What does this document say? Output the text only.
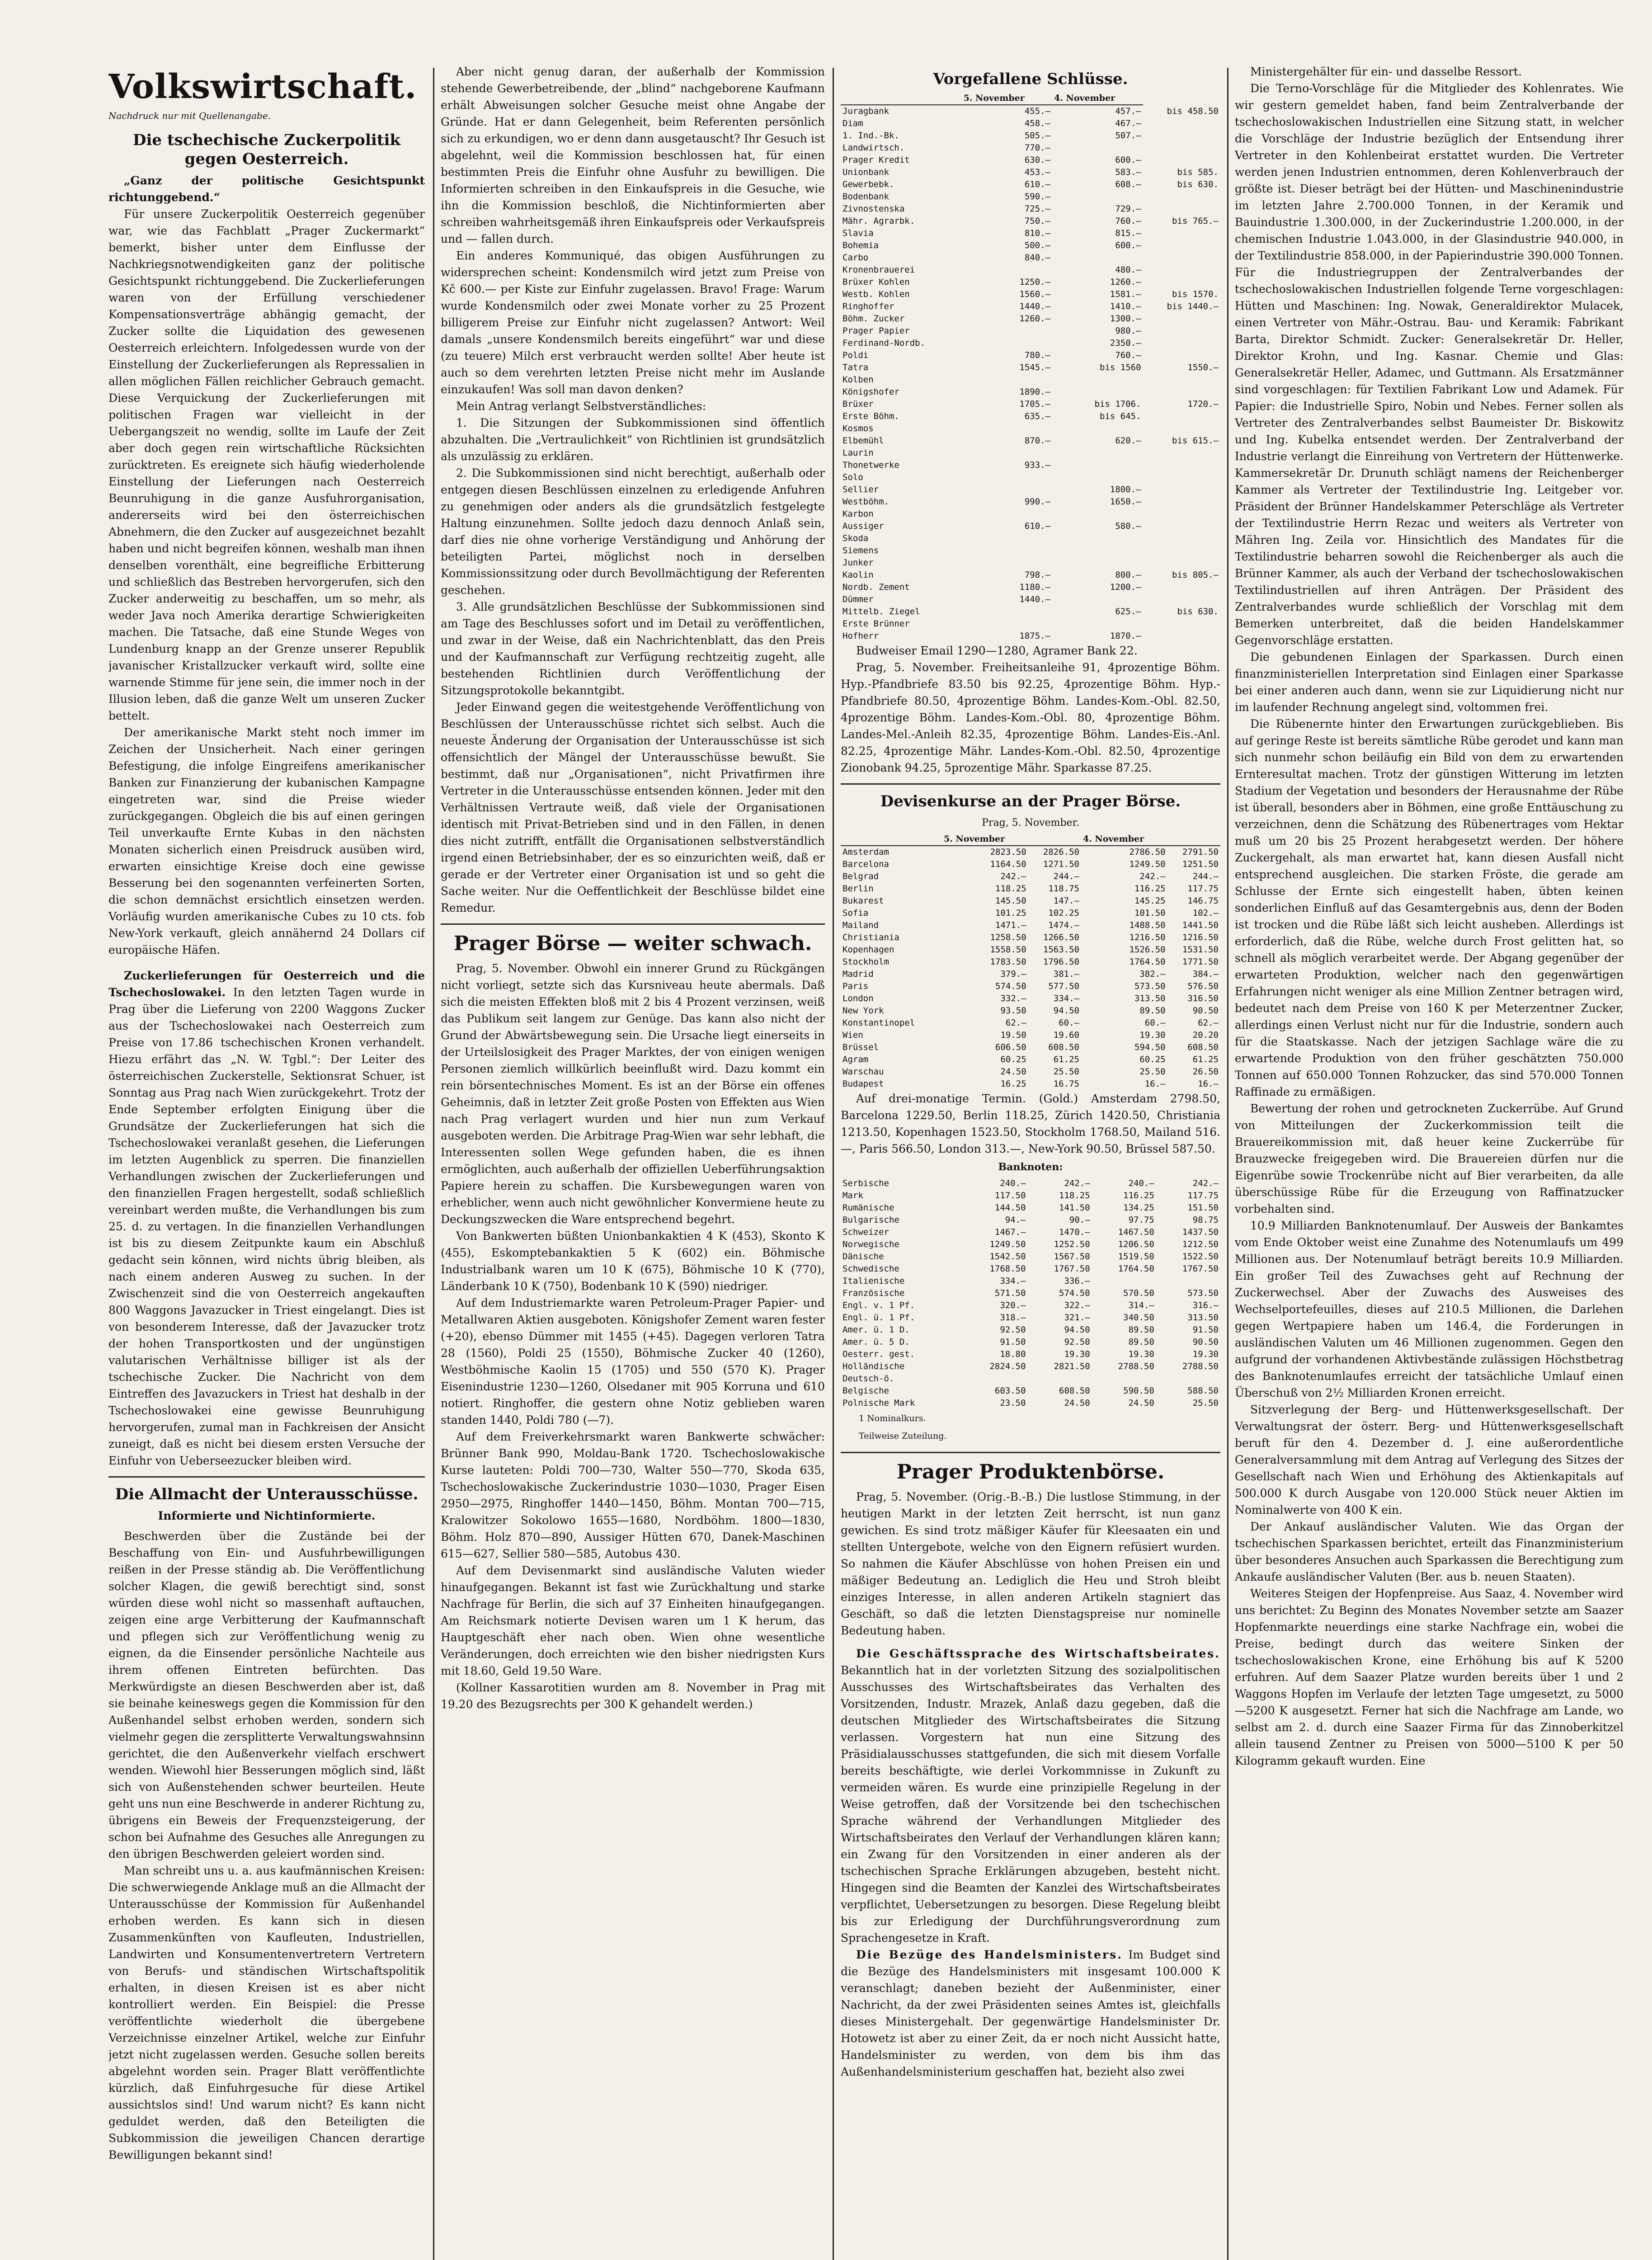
Volkswirtschaft.
Nachdruck nur mit Quellenangabe.
Die tschechische Zuckerpolitik gegen Oesterreich.

„Ganz der politische Gesichtspunkt richtunggebend.“

Für unsere Zuckerpolitik Oesterreich gegenüber war, wie das Fachblatt „Prager Zuckermarkt“ bemerkt, bisher unter dem Einflusse der Nachkriegsnotwendigkeiten ganz der politische Gesichtspunkt richtunggebend. Die Zuckerlieferungen waren von der Erfüllung verschiedener Kompensationsverträge abhängig gemacht, der Zucker sollte die Liquidation des gewesenen Oesterreich erleichtern. Infolgedessen wurde von der Einstellung der Zuckerlieferungen als Repressalien in allen möglichen Fällen reichlicher Gebrauch gemacht. Diese Verquickung der Zuckerlieferungen mit politischen Fragen war vielleicht in der Uebergangszeit no wendig, sollte im Laufe der Zeit aber doch gegen rein wirtschaftliche Rücksichten zurücktreten. Es ereignete sich häufig wiederholende Einstellung der Lieferungen nach Oesterreich Beunruhigung in die ganze Ausfuhrorganisation, andererseits wird bei den österreichischen Abnehmern, die den Zucker auf ausgezeichnet bezahlt haben und nicht begreifen können, weshalb man ihnen denselben vorenthält, eine begreifliche Erbitterung und schließlich das Bestreben hervorgerufen, sich den Zucker anderweitig zu beschaffen, um so mehr, als weder Java noch Amerika derartige Schwierigkeiten machen. Die Tatsache, daß eine Stunde Weges von Lundenburg knapp an der Grenze unserer Republik javanischer Kristallzucker verkauft wird, sollte eine warnende Stimme für jene sein, die immer noch in der Illusion leben, daß die ganze Welt um unseren Zucker bettelt.

Der amerikanische Markt steht noch immer im Zeichen der Unsicherheit. Nach einer geringen Befestigung, die infolge Eingreifens amerikanischer Banken zur Finanzierung der kubanischen Kampagne eingetreten war, sind die Preise wieder zurückgegangen. Obgleich die bis auf einen geringen Teil unverkaufte Ernte Kubas in den nächsten Monaten sicherlich einen Preisdruck ausüben wird, erwarten einsichtige Kreise doch eine gewisse Besserung bei den sogenannten verfeinerten Sorten, die schon demnächst ersichtlich einsetzen werden. Vorläufig wurden amerikanische Cubes zu 10 cts. fob New-York verkauft, gleich annähernd 24 Dollars cif europäische Häfen.

Zuckerlieferungen für Oesterreich und die Tschechoslowakei. In den letzten Tagen wurde in Prag über die Lieferung von 2200 Waggons Zucker aus der Tschechoslowakei nach Oesterreich zum Preise von 17.86 tschechischen Kronen verhandelt. Hiezu erfährt das „N. W. Tgbl.“: Der Leiter des österreichischen Zuckerstelle, Sektionsrat Schuer, ist Sonntag aus Prag nach Wien zurückgekehrt. Trotz der Ende September erfolgten Einigung über die Grundsätze der Zuckerlieferungen hat sich die Tschechoslowakei veranlaßt gesehen, die Lieferungen im letzten Augenblick zu sperren. Die finanziellen Verhandlungen zwischen der Zuckerlieferungen und den finanziellen Fragen hergestellt, sodaß schließlich vereinbart werden mußte, die Verhandlungen bis zum 25. d. zu vertagen. In die finanziellen Verhandlungen ist bis zu diesem Zeitpunkte kaum ein Abschluß gedacht sein können, wird nichts übrig bleiben, als nach einem anderen Ausweg zu suchen. In der Zwischenzeit sind die von Oesterreich angekauften 800 Waggons Javazucker in Triest eingelangt. Dies ist von besonderem Interesse, daß der Javazucker trotz der hohen Transportkosten und der ungünstigen valutarischen Verhältnisse billiger ist als der tschechische Zucker. Die Nachricht von dem Eintreffen des Javazuckers in Triest hat deshalb in der Tschechoslowakei eine gewisse Beunruhigung hervorgerufen, zumal man in Fachkreisen der Ansicht zuneigt, daß es nicht bei diesem ersten Versuche der Einfuhr von Ueberseezucker bleiben wird.

Die Allmacht der Unterausschüsse.
Informierte und Nichtinformierte.

Beschwerden über die Zustände bei der Beschaffung von Ein- und Ausfuhrbewilligungen reißen in der Presse ständig ab. Die Veröffentlichung solcher Klagen, die gewiß berechtigt sind, sonst würden diese wohl nicht so massenhaft auftauchen, zeigen eine arge Verbitterung der Kaufmannschaft und pflegen sich zur Veröffentlichung wenig zu eignen, da die Einsender persönliche Nachteile aus ihrem offenen Eintreten befürchten. Das Merkwürdigste an diesen Beschwerden aber ist, daß sie beinahe keineswegs gegen die Kommission für den Außenhandel selbst erhoben werden, sondern sich vielmehr gegen die zersplitterte Verwaltungswahnsinn gerichtet, die den Außenverkehr vielfach erschwert wenden. Wiewohl hier Besserungen möglich sind, läßt sich von Außenstehenden schwer beurteilen. Heute geht uns nun eine Beschwerde in anderer Richtung zu, übrigens ein Beweis der Frequenzsteigerung, der schon bei Aufnahme des Gesuches alle Anregungen zu den übrigen Beschwerden geleiert worden sind.

Man schreibt uns u. a. aus kaufmännischen Kreisen: Die schwerwiegende Anklage muß an die Allmacht der Unterausschüsse der Kommission für Außenhandel erhoben werden. Es kann sich in diesen Zusammenkünften von Kaufleuten, Industriellen, Landwirten und Konsumentenvertretern Vertretern von Berufs- und ständischen Wirtschaftspolitik erhalten, in diesen Kreisen ist es aber nicht kontrolliert werden. Ein Beispiel: die Presse veröffentlichte wiederholt die übergebene Verzeichnisse einzelner Artikel, welche zur Einfuhr jetzt nicht zugelassen werden. Gesuche sollen bereits abgelehnt worden sein. Prager Blatt veröffentlichte kürzlich, daß Einfuhrgesuche für diese Artikel aussichtslos sind! Und warum nicht? Es kann nicht geduldet werden, daß den Beteiligten die Subkommission die jeweiligen Chancen derartige Bewilligungen bekannt sind!

Aber nicht genug daran, der außerhalb der Kommission stehende Gewerbetreibende, der „blind“ nachgeborene Kaufmann erhält Abweisungen solcher Gesuche meist ohne Angabe der Gründe. Hat er dann Gelegenheit, beim Referenten persönlich sich zu erkundigen, wo er denn dann ausgetauscht? Ihr Gesuch ist abgelehnt, weil die Kommission beschlossen hat, für einen bestimmten Preis die Einfuhr ohne Ausfuhr zu bewilligen. Die Informierten schreiben in den Einkaufspreis in die Gesuche, wie ihn die Kommission beschloß, die Nichtinformierten aber schreiben wahrheitsgemäß ihren Einkaufspreis oder Verkaufspreis und — fallen durch.

Ein anderes Kommuniqué, das obigen Ausführungen zu widersprechen scheint: Kondensmilch wird jetzt zum Preise von Kč 600.— per Kiste zur Einfuhr zugelassen. Bravo! Frage: Warum wurde Kondensmilch oder zwei Monate vorher zu 25 Prozent billigerem Preise zur Einfuhr nicht zugelassen? Antwort: Weil damals „unsere Kondensmilch bereits eingeführt“ war und diese (zu teuere) Milch erst verbraucht werden sollte! Aber heute ist auch so dem verehrten letzten Preise nicht mehr im Auslande einzukaufen! Was soll man davon denken?

Mein Antrag verlangt Selbstverständliches:

1. Die Sitzungen der Subkommissionen sind öffentlich abzuhalten. Die „Vertraulichkeit“ von Richtlinien ist grundsätzlich als unzulässig zu erklären.

2. Die Subkommissionen sind nicht berechtigt, außerhalb oder entgegen diesen Beschlüssen einzelnen zu erledigende Anfuhren zu genehmigen oder anders als die grundsätzlich festgelegte Haltung einzunehmen. Sollte jedoch dazu dennoch Anlaß sein, darf dies nie ohne vorherige Verständigung und Anhörung der beteiligten Partei, möglichst noch in derselben Kommissionssitzung oder durch Bevollmächtigung der Referenten geschehen.

3. Alle grundsätzlichen Beschlüsse der Subkommissionen sind am Tage des Beschlusses sofort und im Detail zu veröffentlichen, und zwar in der Weise, daß ein Nachrichtenblatt, das den Preis und der Kaufmannschaft zur Verfügung rechtzeitig zugeht, alle bestehenden Richtlinien durch Veröffentlichung der Sitzungsprotokolle bekanntgibt.

Jeder Einwand gegen die weitestgehende Veröffentlichung von Beschlüssen der Unterausschüsse richtet sich selbst. Auch die neueste Änderung der Organisation der Unterausschüsse ist sich offensichtlich der Mängel der Unterausschüsse bewußt. Sie bestimmt, daß nur „Organisationen“, nicht Privatfirmen ihre Vertreter in die Unterausschüsse entsenden können. Jeder mit den Verhältnissen Vertraute weiß, daß viele der Organisationen identisch mit Privat-Betrieben sind und in den Fällen, in denen dies nicht zutrifft, entfällt die Organisationen selbstverständlich irgend einen Betriebsinhaber, der es so einzurichten weiß, daß er gerade er der Vertreter einer Organisation ist und so geht die Sache weiter. Nur die Oeffentlichkeit der Beschlüsse bildet eine Remedur.

Prager Börse — weiter schwach.

Prag, 5. November. Obwohl ein innerer Grund zu Rückgängen nicht vorliegt, setzte sich das Kursniveau heute abermals. Daß sich die meisten Effekten bloß mit 2 bis 4 Prozent verzinsen, weiß das Publikum seit langem zur Genüge. Das kann also nicht der Grund der Abwärtsbewegung sein. Die Ursache liegt einerseits in der Urteilslosigkeit des Prager Marktes, der von einigen wenigen Personen ziemlich willkürlich beeinflußt wird. Dazu kommt ein rein börsentechnisches Moment. Es ist an der Börse ein offenes Geheimnis, daß in letzter Zeit große Posten von Effekten aus Wien nach Prag verlagert wurden und hier nun zum Verkauf ausgeboten werden. Die Arbitrage Prag-Wien war sehr lebhaft, die Interessenten sollen Wege gefunden haben, die es ihnen ermöglichten, auch außerhalb der offiziellen Ueberführungsaktion Papiere herein zu schaffen. Die Kursbewegungen waren von erheblicher, wenn auch nicht gewöhnlicher Konvermiene heute zu Deckungszwecken die Ware entsprechend begehrt.

Von Bankwerten büßten Unionbankaktien 4 K (453), Skonto K (455), Eskomptebankaktien 5 K (602) ein. Böhmische Industrialbank waren um 10 K (675), Böhmische 10 K (770), Länderbank 10 K (750), Bodenbank 10 K (590) niedriger.

Auf dem Industriemarkte waren Petroleum-Prager Papier- und Metallwaren Aktien ausgeboten. Königshofer Zement waren fester (+20), ebenso Dümmer mit 1455 (+45). Dagegen verloren Tatra 28 (1560), Poldi 25 (1550), Böhmische Zucker 40 (1260), Westböhmische Kaolin 15 (1705) und 550 (570 K). Prager Eisenindustrie 1230—1260, Olsedaner mit 905 Korruna und 610 notiert. Ringhoffer, die gestern ohne Notiz geblieben waren standen 1440, Poldi 780 (—7).

Auf dem Freiverkehrsmarkt waren Bankwerte schwächer: Brünner Bank 990, Moldau-Bank 1720. Tschechoslowakische Kurse lauteten: Poldi 700—730, Walter 550—770, Skoda 635, Tschechoslowakische Zuckerindustrie 1030—1030, Prager Eisen 2950—2975, Ringhoffer 1440—1450, Böhm. Montan 700—715, Kralowitzer Sokolowo 1655—1680, Nordböhm. 1800—1830, Böhm. Holz 870—890, Aussiger Hütten 670, Danek-Maschinen 615—627, Sellier 580—585, Autobus 430.

Auf dem Devisenmarkt sind ausländische Valuten wieder hinaufgegangen. Bekannt ist fast wie Zurückhaltung und starke Nachfrage für Berlin, die sich auf 37 Einheiten hinaufgegangen. Am Reichsmark notierte Devisen waren um 1 K herum, das Hauptgeschäft eher nach oben. Wien ohne wesentliche Veränderungen, doch erreichten wie den bisher niedrigsten Kurs mit 18.60, Geld 19.50 Ware.

(Kollner Kassarotitien wurden am 8. November in Prag mit 19.20 des Bezugsrechts per 300 K gehandelt werden.)

Vorgefallene Schlüsse.
	5. November	4. November	
Juragbank	455.—	457.—	bis 458.50
Diam	458.—	467.—	
1. Ind.-Bk.	505.—	507.—	
Landwirtsch.	770.—		
Prager Kredit	630.—	600.—	
Unionbank	453.—	583.—	bis 585.
Gewerbebk.	610.—	608.—	bis 630.
Bodenbank	590.—		
Zivnostenska	725.—	729.—	
Mähr. Agrarbk.	750.—	760.—	bis 765.—
Slavia	810.—	815.—	
Bohemia	500.—	600.—	
Carbo	840.—		
Kronenbrauerei		480.—	
Brüxer Kohlen	1250.—	1260.—	
Westb. Kohlen	1560.—	1581.—	bis 1570.
Ringhoffer	1440.—	1410.—	bis 1440.—
Böhm. Zucker	1260.—	1300.—	
Prager Papier		980.—	
Ferdinand-Nordb.		2350.—	
Poldi	780.—	760.—	
Tatra	1545.—	bis 1560	1550.—
Kolben			
Königshofer	1890.—		
Brüxer	1705.—	bis 1706.	1720.—
Erste Böhm.	635.—	bis 645.	
Kosmos			
Elbemühl	870.—	620.—	bis 615.—
Laurin			
Thonetwerke	933.—		
Solo			
Sellier		1800.—	
Westböhm.	990.—	1650.—	
Karbon			
Aussiger	610.—	580.—	
Skoda			
Siemens			
Junker			
Kaolin	798.—	800.—	bis 805.—
Nordb. Zement	1180.—	1200.—	
Dümmer	1440.—		
Mittelb. Ziegel		625.—	bis 630.
Erste Brünner			
Hofherr	1875.—	1870.—	

Budweiser Email 1290—1280, Agramer Bank 22.

Prag, 5. November. Freiheitsanleihe 91, 4prozentige Böhm. Hyp.-Pfandbriefe 83.50 bis 92.25, 4prozentige Böhm. Hyp.-Pfandbriefe 80.50, 4prozentige Böhm. Landes-Kom.-Obl. 82.50, 4prozentige Böhm. Landes-Kom.-Obl. 80, 4prozentige Böhm. Landes-Mel.-Anleih 82.35, 4prozentige Böhm. Landes-Eis.-Anl. 82.25, 4prozentige Mähr. Landes-Kom.-Obl. 82.50, 4prozentige Zionobank 94.25, 5prozentige Mähr. Sparkasse 87.25.

Devisenkurse an der Prager Börse.
Prag, 5. November.
	5. November		4. November	
Amsterdam	2823.50	2826.50	2786.50	2791.50
Barcelona	1164.50	1271.50	1249.50	1251.50
Belgrad	242.—	244.—	242.—	244.—
Berlin	118.25	118.75	116.25	117.75
Bukarest	145.50	147.—	145.25	146.75
Sofia	101.25	102.25	101.50	102.—
Mailand	1471.—	1474.—	1488.50	1441.50
Christiania	1258.50	1266.50	1216.50	1216.50
Kopenhagen	1558.50	1563.50	1526.50	1531.50
Stockholm	1783.50	1796.50	1764.50	1771.50
Madrid	379.—	381.—	382.—	384.—
Paris	574.50	577.50	573.50	576.50
London	332.—	334.—	313.50	316.50
New York	93.50	94.50	89.50	90.50
Konstantinopel	62.—	60.—	60.—	62.—
Wien	19.50	19.60	19.30	20.20
Brüssel	606.50	608.50	594.50	608.50
Agram	60.25	61.25	60.25	61.25
Warschau	24.50	25.50	25.50	26.50
Budapest	16.25	16.75	16.—	16.—

Auf drei-monatige Termin. (Gold.) Amsterdam 2798.50, Barcelona 1229.50, Berlin 118.25, Zürich 1420.50, Christiania 1213.50, Kopenhagen 1523.50, Stockholm 1768.50, Mailand 516.—, Paris 566.50, London 313.—, New-York 90.50, Brüssel 587.50.

Banknoten:
Serbische	240.—	242.—	240.—	242.—
Mark	117.50	118.25	116.25	117.75
Rumänische	144.50	141.50	134.25	151.50
Bulgarische	94.—	90.—	97.75	98.75
Schweizer	1467.—	1470.—	1467.50	1437.50
Norwegische	1249.50	1252.50	1206.50	1212.50
Dänische	1542.50	1567.50	1519.50	1522.50
Schwedische	1768.50	1767.50	1764.50	1767.50
Italienische	334.—	336.—		
Französische	571.50	574.50	570.50	573.50
Engl. v. 1 Pf.	320.—	322.—	314.—	316.—
Engl. ü. 1 Pf.	318.—	321.—	340.50	313.50
Amer. ü. 1 D.	92.50	94.50	89.50	91.50
Amer. ü. 5 D.	91.50	92.50	89.50	90.50
Oesterr. gest.	18.80	19.30	19.30	19.30
Holländische	2824.50	2821.50	2788.50	2788.50
Deutsch-ö.				
Belgische	603.50	608.50	590.50	588.50
Polnische Mark	23.50	24.50	24.50	25.50
1 Nominalkurs.
Teilweise Zuteilung.
Prager Produktenbörse.

Prag, 5. November. (Orig.-B.-B.) Die lustlose Stimmung, in der heutigen Markt in der letzten Zeit herrscht, ist nun ganz gewichen. Es sind trotz mäßiger Käufer für Kleesaaten ein und stellten Untergebote, welche von den Eignern refüsiert wurden. So nahmen die Käufer Abschlüsse von hohen Preisen ein und mäßiger Bedeutung an. Lediglich die Heu und Stroh bleibt einziges Interesse, in allen anderen Artikeln stagniert das Geschäft, so daß die letzten Dienstagspreise nur nominelle Bedeutung haben.

Die Geschäftssprache des Wirtschaftsbeirates. Bekanntlich hat in der vorletzten Sitzung des sozialpolitischen Ausschusses des Wirtschaftsbeirates das Verhalten des Vorsitzenden, Industr. Mrazek, Anlaß dazu gegeben, daß die deutschen Mitglieder des Wirtschaftsbeirates die Sitzung verlassen. Vorgestern hat nun eine Sitzung des Präsidialausschusses stattgefunden, die sich mit diesem Vorfalle bereits beschäftigte, wie derlei Vorkommnisse in Zukunft zu vermeiden wären. Es wurde eine prinzipielle Regelung in der Weise getroffen, daß der Vorsitzende bei den tschechischen Sprache während der Verhandlungen Mitglieder des Wirtschaftsbeirates den Verlauf der Verhandlungen klären kann; ein Zwang für den Vorsitzenden in einer anderen als der tschechischen Sprache Erklärungen abzugeben, besteht nicht. Hingegen sind die Beamten der Kanzlei des Wirtschaftsbeirates verpflichtet, Uebersetzungen zu besorgen. Diese Regelung bleibt bis zur Erledigung der Durchführungsverordnung zum Sprachengesetze in Kraft.

Die Bezüge des Handelsministers. Im Budget sind die Bezüge des Handelsministers mit insgesamt 100.000 K veranschlagt; daneben bezieht der Außenminister, einer Nachricht, da der zwei Präsidenten seines Amtes ist, gleichfalls dieses Ministergehalt. Der gegenwärtige Handelsminister Dr. Hotowetz ist aber zu einer Zeit, da er noch nicht Aussicht hatte, Handelsminister zu werden, von dem bis ihm das Außenhandelsministerium geschaffen hat, bezieht also zwei

Ministergehälter für ein- und dasselbe Ressort.

Die Terno-Vorschläge für die Mitglieder des Kohlenrates. Wie wir gestern gemeldet haben, fand beim Zentralverbande der tschechoslowakischen Industriellen eine Sitzung statt, in welcher die Vorschläge der Industrie bezüglich der Entsendung ihrer Vertreter in den Kohlenbeirat erstattet wurden. Die Vertreter werden jenen Industrien entnommen, deren Kohlenverbrauch der größte ist. Dieser beträgt bei der Hütten- und Maschinenindustrie im letzten Jahre 2.700.000 Tonnen, in der Keramik und Bauindustrie 1.300.000, in der Zuckerindustrie 1.200.000, in der chemischen Industrie 1.043.000, in der Glasindustrie 940.000, in der Textilindustrie 858.000, in der Papierindustrie 390.000 Tonnen. Für die Industriegruppen der Zentralverbandes der tschechoslowakischen Industriellen folgende Terne vorgeschlagen: Hütten und Maschinen: Ing. Nowak, Generaldirektor Mulacek, einen Vertreter von Mähr.-Ostrau. Bau- und Keramik: Fabrikant Barta, Direktor Schmidt. Zucker: Generalsekretär Dr. Heller, Direktor Krohn, und Ing. Kasnar. Chemie und Glas: Generalsekretär Heller, Adamec, und Guttmann. Als Ersatzmänner sind vorgeschlagen: für Textilien Fabrikant Low und Adamek. Für Papier: die Industrielle Spiro, Nobin und Nebes. Ferner sollen als Vertreter des Zentralverbandes selbst Baumeister Dr. Biskowitz und Ing. Kubelka entsendet werden. Der Zentralverband der Industrie verlangt die Einreihung von Vertretern der Hüttenwerke. Kammersekretär Dr. Drunuth schlägt namens der Reichenberger Kammer als Vertreter der Textilindustrie Ing. Leitgeber vor. Präsident der Brünner Handelskammer Peterschläge als Vertreter der Textilindustrie Herrn Rezac und weiters als Vertreter von Mähren Ing. Zeila vor. Hinsichtlich des Mandates für die Textilindustrie beharren sowohl die Reichenberger als auch die Brünner Kammer, als auch der Verband der tschechoslowakischen Textilindustriellen auf ihren Anträgen. Der Präsident des Zentralverbandes wurde schließlich der Vorschlag mit dem Bemerken unterbreitet, daß die beiden Handelskammer Gegenvorschläge erstatten.

Die gebundenen Einlagen der Sparkassen. Durch einen finanzministeriellen Interpretation sind Einlagen einer Sparkasse bei einer anderen auch dann, wenn sie zur Liquidierung nicht nur im laufender Rechnung angelegt sind, voltommen frei.

Die Rübenernte hinter den Erwartungen zurückgeblieben. Bis auf geringe Reste ist bereits sämtliche Rübe gerodet und kann man sich nunmehr schon beiläufig ein Bild von dem zu erwartenden Ernteresultat machen. Trotz der günstigen Witterung im letzten Stadium der Vegetation und besonders der Herausnahme der Rübe ist überall, besonders aber in Böhmen, eine große Enttäuschung zu verzeichnen, denn die Schätzung des Rübenertrages vom Hektar muß um 20 bis 25 Prozent herabgesetzt werden. Der höhere Zuckergehalt, als man erwartet hat, kann diesen Ausfall nicht entsprechend ausgleichen. Die starken Fröste, die gerade am Schlusse der Ernte sich eingestellt haben, übten keinen sonderlichen Einfluß auf das Gesamtergebnis aus, denn der Boden ist trocken und die Rübe läßt sich leicht ausheben. Allerdings ist erforderlich, daß die Rübe, welche durch Frost gelitten hat, so schnell als möglich verarbeitet werde. Der Abgang gegenüber der erwarteten Produktion, welcher nach den gegenwärtigen Erfahrungen nicht weniger als eine Million Zentner betragen wird, bedeutet nach dem Preise von 160 K per Meterzentner Zucker, allerdings einen Verlust nicht nur für die Industrie, sondern auch für die Staatskasse. Nach der jetzigen Sachlage wäre die zu erwartende Produktion von den früher geschätzten 750.000 Tonnen auf 650.000 Tonnen Rohzucker, das sind 570.000 Tonnen Raffinade zu ermäßigen.

Bewertung der rohen und getrockneten Zuckerrübe. Auf Grund von Mitteilungen der Zuckerkommission teilt die Brauereikommission mit, daß heuer keine Zuckerrübe für Brauzwecke freigegeben wird. Die Brauereien dürfen nur die Eigenrübe sowie Trockenrübe nicht auf Bier verarbeiten, da alle überschüssige Rübe für die Erzeugung von Raffinatzucker vorbehalten sind.

10.9 Milliarden Banknotenumlauf. Der Ausweis der Bankamtes vom Ende Oktober weist eine Zunahme des Notenumlaufs um 499 Millionen aus. Der Notenumlauf beträgt bereits 10.9 Milliarden. Ein großer Teil des Zuwachses geht auf Rechnung der Zuckerwechsel. Aber der Zuwachs des Ausweises des Wechselportefeuilles, dieses auf 210.5 Millionen, die Darlehen gegen Wertpapiere haben um 146.4, die Forderungen in ausländischen Valuten um 46 Millionen zugenommen. Gegen den aufgrund der vorhandenen Aktivbestände zulässigen Höchstbetrag des Banknotenumlaufes erreicht der tatsächliche Umlauf einen Überschuß von 2½ Milliarden Kronen erreicht.

Sitzverlegung der Berg- und Hüttenwerksgesellschaft. Der Verwaltungsrat der österr. Berg- und Hüttenwerksgesellschaft beruft für den 4. Dezember d. J. eine außerordentliche Generalversammlung mit dem Antrag auf Verlegung des Sitzes der Gesellschaft nach Wien und Erhöhung des Aktienkapitals auf 500.000 K durch Ausgabe von 120.000 Stück neuer Aktien im Nominalwerte von 400 K ein.

Der Ankauf ausländischer Valuten. Wie das Organ der tschechischen Sparkassen berichtet, erteilt das Finanzministerium über besonderes Ansuchen auch Sparkassen die Berechtigung zum Ankaufe ausländischer Valuten (Ber. aus b. neuen Staaten).

Weiteres Steigen der Hopfenpreise. Aus Saaz, 4. November wird uns berichtet: Zu Beginn des Monates November setzte am Saazer Hopfenmarkte neuerdings eine starke Nachfrage ein, wobei die Preise, bedingt durch das weitere Sinken der tschechoslowakischen Krone, eine Erhöhung bis auf K 5200 erfuhren. Auf dem Saazer Platze wurden bereits über 1 und 2 Waggons Hopfen im Verlaufe der letzten Tage umgesetzt, zu 5000—5200 K ausgesetzt. Ferner hat sich die Nachfrage am Lande, wo selbst am 2. d. durch eine Saazer Firma für das Zinnoberkitzel allein tausend Zentner zu Preisen von 5000—5100 K per 50 Kilogramm gekauft wurden. Eine
